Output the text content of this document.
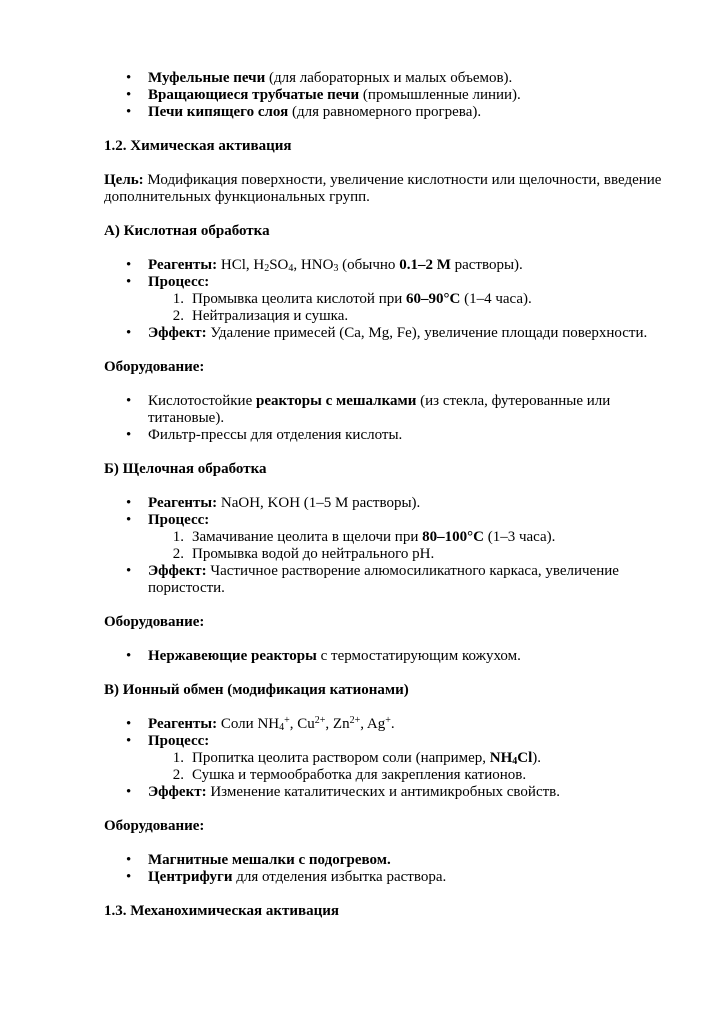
• Муфельные печи (для лабораторных и малых объемов).
• Вращающиеся трубчатые печи (промышленные линии).
• Печи кипящего слоя (для равномерного прогрева).
1.2. Химическая активация
Цель: Модификация поверхности, увеличение кислотности или щелочности, введение дополнительных функциональных групп.
А) Кислотная обработка
• Реагенты: HCl, $H_2SO_4$, $HNO_3$ (обычно 0.1–2 M растворы).
• Процесс:
1. Промывка цеолита кислотой при 60–90°C (1–4 часа).
2. Нейтрализация и сушка.
• Эффект: Удаление примесей (Ca, Mg, Fe), увеличение площади поверхности.
Оборудование:
• Кислотостойкие реакторы с мешалками (из стекла, футерованные или титановые).
• Фильтр-прессы для отделения кислоты.
Б) Щелочная обработка
• Реагенты: NaOH, KOH (1–5 M растворы).
• Процесс:
1. Замачивание цеолита в щелочи при 80–100°C (1–3 часа).
2. Промывка водой до нейтрального pH.
• Эффект: Частичное растворение алюмосиликатного каркаса, увеличение пористости.
Оборудование:
• Нержавеющие реакторы с термостатирующим кожухом.
В) Ионный обмен (модификация катионами)
• Реагенты: Соли $NH_4^+$, $Cu^{2+}$, $Zn^{2+}$, Ag+.
• Процесс:
1. Пропитка цеолита раствором соли (например, $NH_4Cl$).
2. Сушка и термообработка для закрепления катионов.
• Эффект: Изменение каталитических и антимикробных свойств.
Оборудование:
• Магнитные мешалки с подогревом.
• Центрифуги для отделения избытка раствора.
1.3. Механохимическая активация
